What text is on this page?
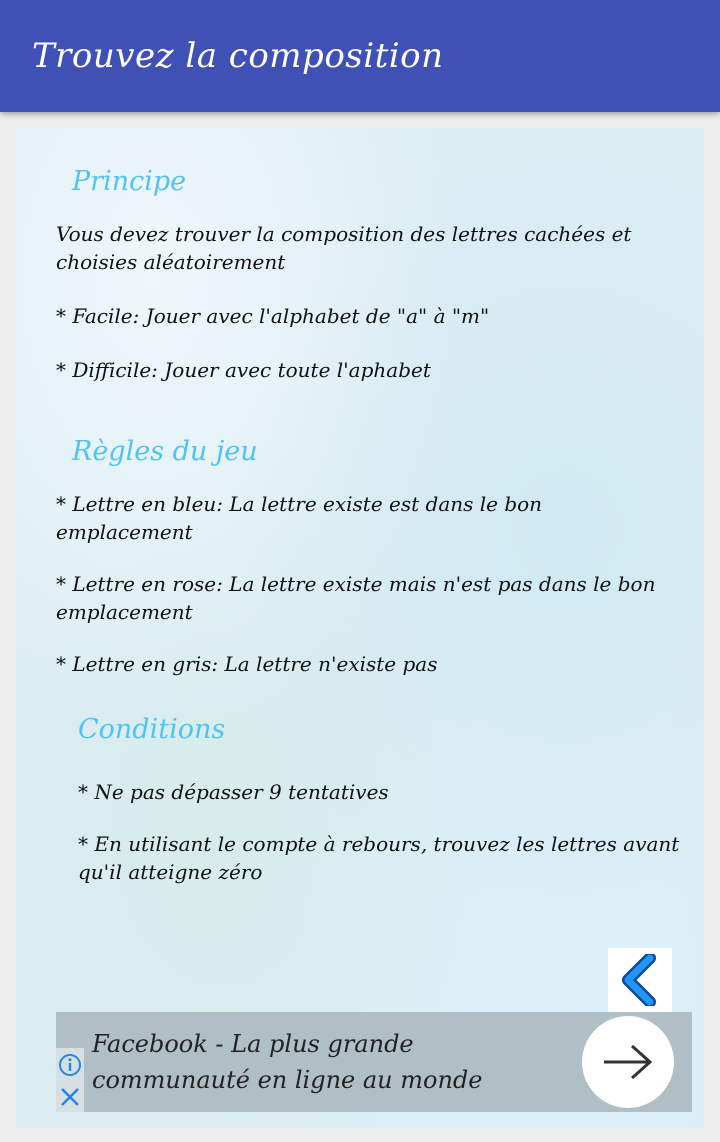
Trouvez la composition
Principe
Vous devez trouver la composition des lettres cachées et choisies aléatoirement
* Facile: Jouer avec l'alphabet de "a" à "m"
* Difficile: Jouer avec toute l'aphabet
Règles du jeu
* Lettre en bleu: La lettre existe est dans le bon emplacement
* Lettre en rose: La lettre existe mais n'est pas dans le bon emplacement
* Lettre en gris: La lettre n'existe pas
Conditions
* Ne pas dépasser 9 tentatives
* En utilisant le compte à rebours, trouvez les lettres avant qu'il atteigne zéro
Facebook - La plus grande communauté en ligne au monde
